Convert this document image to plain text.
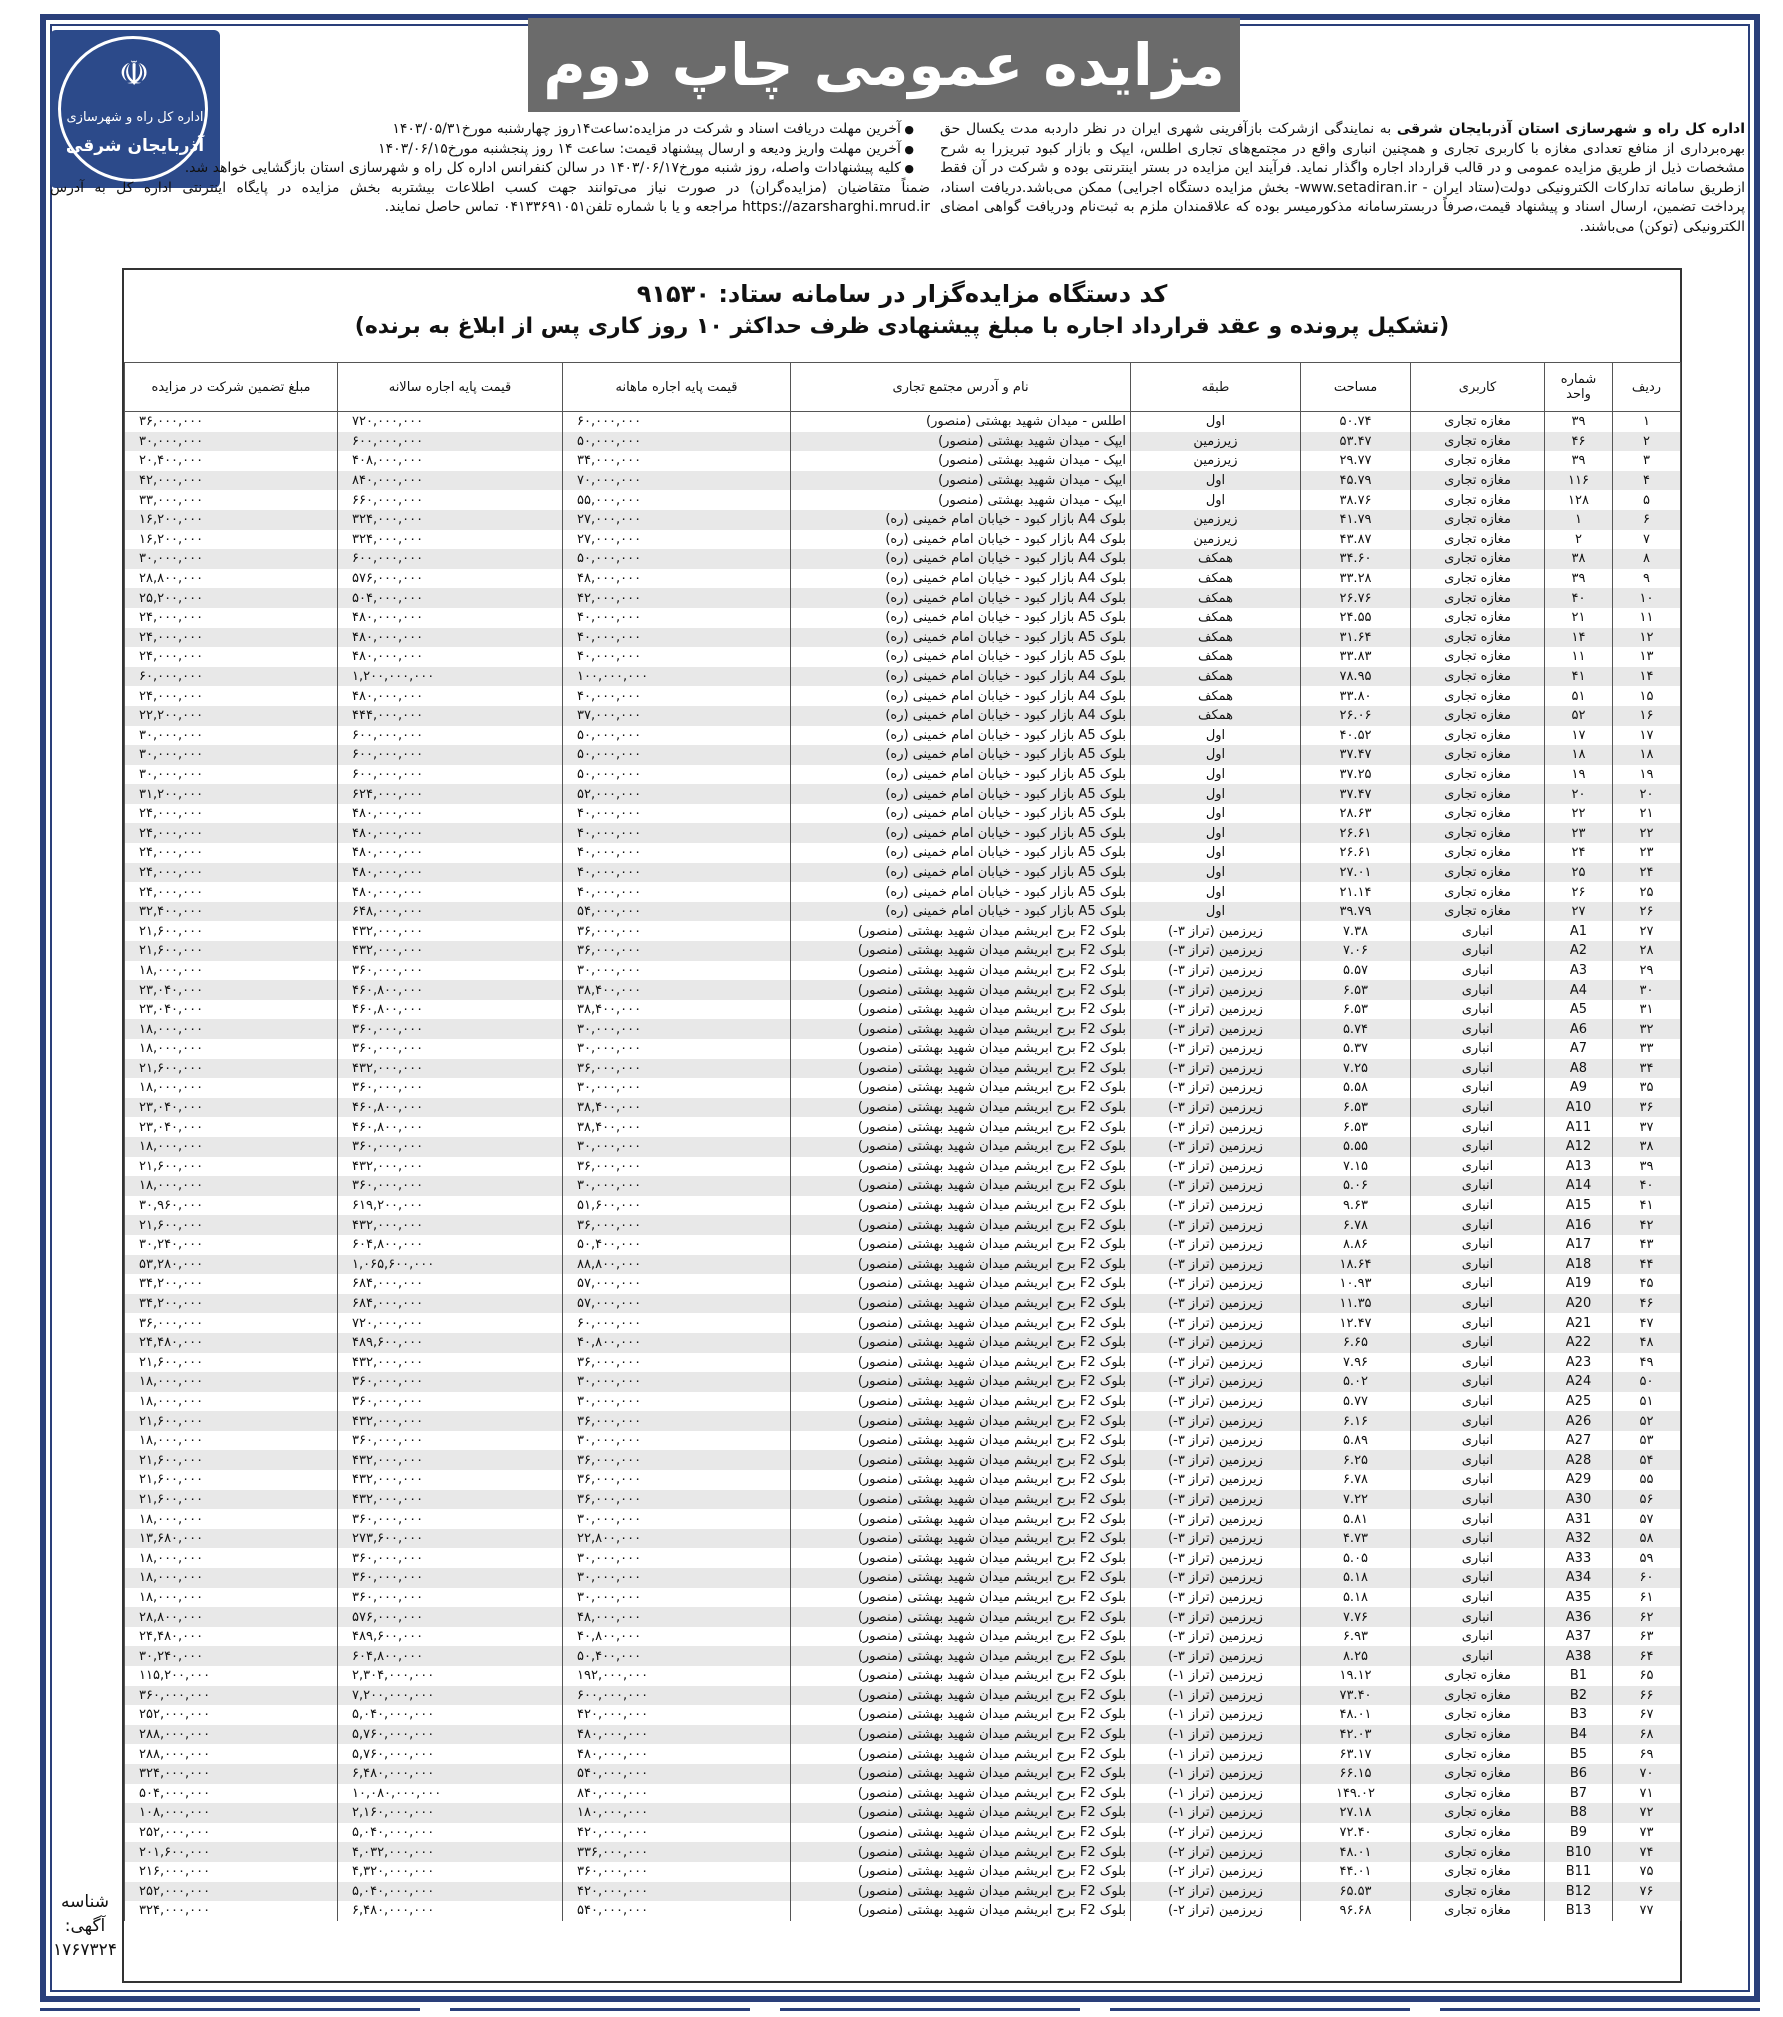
☫
اداره کل راه و شهرسازی
آذربایجان شرقی
مزایده عمومی چاپ دوم
اداره کل راه و شهرسازی استان آذربایجان شرقی به نمایندگی ازشرکت بازآفرینی شهری ایران در نظر داردبه مدت یکسال حق بهره‌برداری از منافع تعدادی مغازه با کاربری تجاری و همچنین انباری واقع در مجتمع‌های تجاری اطلس، ایپک و بازار کبود تبریز‌را به شرح مشخصات ذیل از طریق مزایده عمومی و در قالب قرارداد اجاره واگذار نماید. فرآیند این مزایده در بستر اینترنتی بوده و شرکت در آن فقط ازطریق سامانه تدارکات الکترونیکی دولت(ستاد ایران - www.setadiran.ir- بخش مزایده دستگاه اجرایی) ممکن می‌باشد.دریافت اسناد، پرداخت تضمین، ارسال اسناد و پیشنهاد قیمت،صرفاً دربسترسامانه مذکورمیسر بوده که علاقمندان ملزم به ثبت‌نام ودریافت گواهی امضای الکترونیکی (توکن) می‌باشند.
● آخرین مهلت دریافت اسناد و شرکت در مزایده:ساعت۱۴روز چهارشنبه مورخ۱۴۰۳/۰۵/۳۱
● آخرین مهلت واریز ودیعه و ارسال پیشنهاد قیمت: ساعت ۱۴ روز پنجشنبه مورخ۱۴۰۳/۰۶/۱۵
● کلیه پیشنهادات واصله، روز شنبه مورخ۱۴۰۳/۰۶/۱۷ در سالن کنفرانس اداره کل راه و شهرسازی استان بازگشایی خواهد شد.
ضمناً متقاضیان (مزایده‌گران) در صورت نیاز می‌توانند جهت کسب اطلاعات بیشتربه بخش مزایده در پایگاه اینترنتی اداره کل به آدرس https://azarsharghi.mrud.ir مراجعه و یا با شماره تلفن۰۴۱۳۳۶۹۱۰۵۱ تماس حاصل نمایند.
کد دستگاه مزایده‌گزار در سامانه ستاد: ۹۱۵۳۰
(تشکیل پرونده و عقد قرارداد اجاره با مبلغ پیشنهادی ظرف حداکثر ۱۰ روز کاری پس از ابلاغ به برنده)
ردیف	شماره واحد	کاربری	مساحت	طبقه	نام و آدرس مجتمع تجاری	قیمت پایه اجاره ماهانه	قیمت پایه اجاره سالانه	مبلغ تضمین شرکت در مزایده
۱	۳۹	مغازه تجاری	۵۰.۷۴	اول	اطلس - میدان شهید بهشتی (منصور)	۶۰,۰۰۰,۰۰۰	۷۲۰,۰۰۰,۰۰۰	۳۶,۰۰۰,۰۰۰
۲	۴۶	مغازه تجاری	۵۳.۴۷	زیرزمین	ایپک - میدان شهید بهشتی (منصور)	۵۰,۰۰۰,۰۰۰	۶۰۰,۰۰۰,۰۰۰	۳۰,۰۰۰,۰۰۰
۳	۳۹	مغازه تجاری	۲۹.۷۷	زیرزمین	ایپک - میدان شهید بهشتی (منصور)	۳۴,۰۰۰,۰۰۰	۴۰۸,۰۰۰,۰۰۰	۲۰,۴۰۰,۰۰۰
۴	۱۱۶	مغازه تجاری	۴۵.۷۹	اول	ایپک - میدان شهید بهشتی (منصور)	۷۰,۰۰۰,۰۰۰	۸۴۰,۰۰۰,۰۰۰	۴۲,۰۰۰,۰۰۰
۵	۱۲۸	مغازه تجاری	۳۸.۷۶	اول	ایپک - میدان شهید بهشتی (منصور)	۵۵,۰۰۰,۰۰۰	۶۶۰,۰۰۰,۰۰۰	۳۳,۰۰۰,۰۰۰
۶	۱	مغازه تجاری	۴۱.۷۹	زیرزمین	بلوک A4 بازار کبود - خیابان امام خمینی (ره)	۲۷,۰۰۰,۰۰۰	۳۲۴,۰۰۰,۰۰۰	۱۶,۲۰۰,۰۰۰
۷	۲	مغازه تجاری	۴۳.۸۷	زیرزمین	بلوک A4 بازار کبود - خیابان امام خمینی (ره)	۲۷,۰۰۰,۰۰۰	۳۲۴,۰۰۰,۰۰۰	۱۶,۲۰۰,۰۰۰
۸	۳۸	مغازه تجاری	۳۴.۶۰	همکف	بلوک A4 بازار کبود - خیابان امام خمینی (ره)	۵۰,۰۰۰,۰۰۰	۶۰۰,۰۰۰,۰۰۰	۳۰,۰۰۰,۰۰۰
۹	۳۹	مغازه تجاری	۳۳.۲۸	همکف	بلوک A4 بازار کبود - خیابان امام خمینی (ره)	۴۸,۰۰۰,۰۰۰	۵۷۶,۰۰۰,۰۰۰	۲۸,۸۰۰,۰۰۰
۱۰	۴۰	مغازه تجاری	۲۶.۷۶	همکف	بلوک A4 بازار کبود - خیابان امام خمینی (ره)	۴۲,۰۰۰,۰۰۰	۵۰۴,۰۰۰,۰۰۰	۲۵,۲۰۰,۰۰۰
۱۱	۲۱	مغازه تجاری	۲۴.۵۵	همکف	بلوک A5 بازار کبود - خیابان امام خمینی (ره)	۴۰,۰۰۰,۰۰۰	۴۸۰,۰۰۰,۰۰۰	۲۴,۰۰۰,۰۰۰
۱۲	۱۴	مغازه تجاری	۳۱.۶۴	همکف	بلوک A5 بازار کبود - خیابان امام خمینی (ره)	۴۰,۰۰۰,۰۰۰	۴۸۰,۰۰۰,۰۰۰	۲۴,۰۰۰,۰۰۰
۱۳	۱۱	مغازه تجاری	۳۳.۸۳	همکف	بلوک A5 بازار کبود - خیابان امام خمینی (ره)	۴۰,۰۰۰,۰۰۰	۴۸۰,۰۰۰,۰۰۰	۲۴,۰۰۰,۰۰۰
۱۴	۴۱	مغازه تجاری	۷۸.۹۵	همکف	بلوک A4 بازار کبود - خیابان امام خمینی (ره)	۱۰۰,۰۰۰,۰۰۰	۱,۲۰۰,۰۰۰,۰۰۰	۶۰,۰۰۰,۰۰۰
۱۵	۵۱	مغازه تجاری	۳۳.۸۰	همکف	بلوک A4 بازار کبود - خیابان امام خمینی (ره)	۴۰,۰۰۰,۰۰۰	۴۸۰,۰۰۰,۰۰۰	۲۴,۰۰۰,۰۰۰
۱۶	۵۲	مغازه تجاری	۲۶.۰۶	همکف	بلوک A4 بازار کبود - خیابان امام خمینی (ره)	۳۷,۰۰۰,۰۰۰	۴۴۴,۰۰۰,۰۰۰	۲۲,۲۰۰,۰۰۰
۱۷	۱۷	مغازه تجاری	۴۰.۵۲	اول	بلوک A5 بازار کبود - خیابان امام خمینی (ره)	۵۰,۰۰۰,۰۰۰	۶۰۰,۰۰۰,۰۰۰	۳۰,۰۰۰,۰۰۰
۱۸	۱۸	مغازه تجاری	۳۷.۴۷	اول	بلوک A5 بازار کبود - خیابان امام خمینی (ره)	۵۰,۰۰۰,۰۰۰	۶۰۰,۰۰۰,۰۰۰	۳۰,۰۰۰,۰۰۰
۱۹	۱۹	مغازه تجاری	۳۷.۲۵	اول	بلوک A5 بازار کبود - خیابان امام خمینی (ره)	۵۰,۰۰۰,۰۰۰	۶۰۰,۰۰۰,۰۰۰	۳۰,۰۰۰,۰۰۰
۲۰	۲۰	مغازه تجاری	۳۷.۴۷	اول	بلوک A5 بازار کبود - خیابان امام خمینی (ره)	۵۲,۰۰۰,۰۰۰	۶۲۴,۰۰۰,۰۰۰	۳۱,۲۰۰,۰۰۰
۲۱	۲۲	مغازه تجاری	۲۸.۶۳	اول	بلوک A5 بازار کبود - خیابان امام خمینی (ره)	۴۰,۰۰۰,۰۰۰	۴۸۰,۰۰۰,۰۰۰	۲۴,۰۰۰,۰۰۰
۲۲	۲۳	مغازه تجاری	۲۶.۶۱	اول	بلوک A5 بازار کبود - خیابان امام خمینی (ره)	۴۰,۰۰۰,۰۰۰	۴۸۰,۰۰۰,۰۰۰	۲۴,۰۰۰,۰۰۰
۲۳	۲۴	مغازه تجاری	۲۶.۶۱	اول	بلوک A5 بازار کبود - خیابان امام خمینی (ره)	۴۰,۰۰۰,۰۰۰	۴۸۰,۰۰۰,۰۰۰	۲۴,۰۰۰,۰۰۰
۲۴	۲۵	مغازه تجاری	۲۷.۰۱	اول	بلوک A5 بازار کبود - خیابان امام خمینی (ره)	۴۰,۰۰۰,۰۰۰	۴۸۰,۰۰۰,۰۰۰	۲۴,۰۰۰,۰۰۰
۲۵	۲۶	مغازه تجاری	۲۱.۱۴	اول	بلوک A5 بازار کبود - خیابان امام خمینی (ره)	۴۰,۰۰۰,۰۰۰	۴۸۰,۰۰۰,۰۰۰	۲۴,۰۰۰,۰۰۰
۲۶	۲۷	مغازه تجاری	۳۹.۷۹	اول	بلوک A5 بازار کبود - خیابان امام خمینی (ره)	۵۴,۰۰۰,۰۰۰	۶۴۸,۰۰۰,۰۰۰	۳۲,۴۰۰,۰۰۰
۲۷	A1	انباری	۷.۳۸	زیرزمین (تراز ۳-)	بلوک F2 برج ابریشم میدان شهید بهشتی (منصور)	۳۶,۰۰۰,۰۰۰	۴۳۲,۰۰۰,۰۰۰	۲۱,۶۰۰,۰۰۰
۲۸	A2	انباری	۷.۰۶	زیرزمین (تراز ۳-)	بلوک F2 برج ابریشم میدان شهید بهشتی (منصور)	۳۶,۰۰۰,۰۰۰	۴۳۲,۰۰۰,۰۰۰	۲۱,۶۰۰,۰۰۰
۲۹	A3	انباری	۵.۵۷	زیرزمین (تراز ۳-)	بلوک F2 برج ابریشم میدان شهید بهشتی (منصور)	۳۰,۰۰۰,۰۰۰	۳۶۰,۰۰۰,۰۰۰	۱۸,۰۰۰,۰۰۰
۳۰	A4	انباری	۶.۵۳	زیرزمین (تراز ۳-)	بلوک F2 برج ابریشم میدان شهید بهشتی (منصور)	۳۸,۴۰۰,۰۰۰	۴۶۰,۸۰۰,۰۰۰	۲۳,۰۴۰,۰۰۰
۳۱	A5	انباری	۶.۵۳	زیرزمین (تراز ۳-)	بلوک F2 برج ابریشم میدان شهید بهشتی (منصور)	۳۸,۴۰۰,۰۰۰	۴۶۰,۸۰۰,۰۰۰	۲۳,۰۴۰,۰۰۰
۳۲	A6	انباری	۵.۷۴	زیرزمین (تراز ۳-)	بلوک F2 برج ابریشم میدان شهید بهشتی (منصور)	۳۰,۰۰۰,۰۰۰	۳۶۰,۰۰۰,۰۰۰	۱۸,۰۰۰,۰۰۰
۳۳	A7	انباری	۵.۳۷	زیرزمین (تراز ۳-)	بلوک F2 برج ابریشم میدان شهید بهشتی (منصور)	۳۰,۰۰۰,۰۰۰	۳۶۰,۰۰۰,۰۰۰	۱۸,۰۰۰,۰۰۰
۳۴	A8	انباری	۷.۲۵	زیرزمین (تراز ۳-)	بلوک F2 برج ابریشم میدان شهید بهشتی (منصور)	۳۶,۰۰۰,۰۰۰	۴۳۲,۰۰۰,۰۰۰	۲۱,۶۰۰,۰۰۰
۳۵	A9	انباری	۵.۵۸	زیرزمین (تراز ۳-)	بلوک F2 برج ابریشم میدان شهید بهشتی (منصور)	۳۰,۰۰۰,۰۰۰	۳۶۰,۰۰۰,۰۰۰	۱۸,۰۰۰,۰۰۰
۳۶	A10	انباری	۶.۵۳	زیرزمین (تراز ۳-)	بلوک F2 برج ابریشم میدان شهید بهشتی (منصور)	۳۸,۴۰۰,۰۰۰	۴۶۰,۸۰۰,۰۰۰	۲۳,۰۴۰,۰۰۰
۳۷	A11	انباری	۶.۵۳	زیرزمین (تراز ۳-)	بلوک F2 برج ابریشم میدان شهید بهشتی (منصور)	۳۸,۴۰۰,۰۰۰	۴۶۰,۸۰۰,۰۰۰	۲۳,۰۴۰,۰۰۰
۳۸	A12	انباری	۵.۵۵	زیرزمین (تراز ۳-)	بلوک F2 برج ابریشم میدان شهید بهشتی (منصور)	۳۰,۰۰۰,۰۰۰	۳۶۰,۰۰۰,۰۰۰	۱۸,۰۰۰,۰۰۰
۳۹	A13	انباری	۷.۱۵	زیرزمین (تراز ۳-)	بلوک F2 برج ابریشم میدان شهید بهشتی (منصور)	۳۶,۰۰۰,۰۰۰	۴۳۲,۰۰۰,۰۰۰	۲۱,۶۰۰,۰۰۰
۴۰	A14	انباری	۵.۰۶	زیرزمین (تراز ۳-)	بلوک F2 برج ابریشم میدان شهید بهشتی (منصور)	۳۰,۰۰۰,۰۰۰	۳۶۰,۰۰۰,۰۰۰	۱۸,۰۰۰,۰۰۰
۴۱	A15	انباری	۹.۶۳	زیرزمین (تراز ۳-)	بلوک F2 برج ابریشم میدان شهید بهشتی (منصور)	۵۱,۶۰۰,۰۰۰	۶۱۹,۲۰۰,۰۰۰	۳۰,۹۶۰,۰۰۰
۴۲	A16	انباری	۶.۷۸	زیرزمین (تراز ۳-)	بلوک F2 برج ابریشم میدان شهید بهشتی (منصور)	۳۶,۰۰۰,۰۰۰	۴۳۲,۰۰۰,۰۰۰	۲۱,۶۰۰,۰۰۰
۴۳	A17	انباری	۸.۸۶	زیرزمین (تراز ۳-)	بلوک F2 برج ابریشم میدان شهید بهشتی (منصور)	۵۰,۴۰۰,۰۰۰	۶۰۴,۸۰۰,۰۰۰	۳۰,۲۴۰,۰۰۰
۴۴	A18	انباری	۱۸.۶۴	زیرزمین (تراز ۳-)	بلوک F2 برج ابریشم میدان شهید بهشتی (منصور)	۸۸,۸۰۰,۰۰۰	۱,۰۶۵,۶۰۰,۰۰۰	۵۳,۲۸۰,۰۰۰
۴۵	A19	انباری	۱۰.۹۳	زیرزمین (تراز ۳-)	بلوک F2 برج ابریشم میدان شهید بهشتی (منصور)	۵۷,۰۰۰,۰۰۰	۶۸۴,۰۰۰,۰۰۰	۳۴,۲۰۰,۰۰۰
۴۶	A20	انباری	۱۱.۳۵	زیرزمین (تراز ۳-)	بلوک F2 برج ابریشم میدان شهید بهشتی (منصور)	۵۷,۰۰۰,۰۰۰	۶۸۴,۰۰۰,۰۰۰	۳۴,۲۰۰,۰۰۰
۴۷	A21	انباری	۱۲.۴۷	زیرزمین (تراز ۳-)	بلوک F2 برج ابریشم میدان شهید بهشتی (منصور)	۶۰,۰۰۰,۰۰۰	۷۲۰,۰۰۰,۰۰۰	۳۶,۰۰۰,۰۰۰
۴۸	A22	انباری	۶.۶۵	زیرزمین (تراز ۳-)	بلوک F2 برج ابریشم میدان شهید بهشتی (منصور)	۴۰,۸۰۰,۰۰۰	۴۸۹,۶۰۰,۰۰۰	۲۴,۴۸۰,۰۰۰
۴۹	A23	انباری	۷.۹۶	زیرزمین (تراز ۳-)	بلوک F2 برج ابریشم میدان شهید بهشتی (منصور)	۳۶,۰۰۰,۰۰۰	۴۳۲,۰۰۰,۰۰۰	۲۱,۶۰۰,۰۰۰
۵۰	A24	انباری	۵.۰۲	زیرزمین (تراز ۳-)	بلوک F2 برج ابریشم میدان شهید بهشتی (منصور)	۳۰,۰۰۰,۰۰۰	۳۶۰,۰۰۰,۰۰۰	۱۸,۰۰۰,۰۰۰
۵۱	A25	انباری	۵.۷۷	زیرزمین (تراز ۳-)	بلوک F2 برج ابریشم میدان شهید بهشتی (منصور)	۳۰,۰۰۰,۰۰۰	۳۶۰,۰۰۰,۰۰۰	۱۸,۰۰۰,۰۰۰
۵۲	A26	انباری	۶.۱۶	زیرزمین (تراز ۳-)	بلوک F2 برج ابریشم میدان شهید بهشتی (منصور)	۳۶,۰۰۰,۰۰۰	۴۳۲,۰۰۰,۰۰۰	۲۱,۶۰۰,۰۰۰
۵۳	A27	انباری	۵.۸۹	زیرزمین (تراز ۳-)	بلوک F2 برج ابریشم میدان شهید بهشتی (منصور)	۳۰,۰۰۰,۰۰۰	۳۶۰,۰۰۰,۰۰۰	۱۸,۰۰۰,۰۰۰
۵۴	A28	انباری	۶.۲۵	زیرزمین (تراز ۳-)	بلوک F2 برج ابریشم میدان شهید بهشتی (منصور)	۳۶,۰۰۰,۰۰۰	۴۳۲,۰۰۰,۰۰۰	۲۱,۶۰۰,۰۰۰
۵۵	A29	انباری	۶.۷۸	زیرزمین (تراز ۳-)	بلوک F2 برج ابریشم میدان شهید بهشتی (منصور)	۳۶,۰۰۰,۰۰۰	۴۳۲,۰۰۰,۰۰۰	۲۱,۶۰۰,۰۰۰
۵۶	A30	انباری	۷.۲۲	زیرزمین (تراز ۳-)	بلوک F2 برج ابریشم میدان شهید بهشتی (منصور)	۳۶,۰۰۰,۰۰۰	۴۳۲,۰۰۰,۰۰۰	۲۱,۶۰۰,۰۰۰
۵۷	A31	انباری	۵.۸۱	زیرزمین (تراز ۳-)	بلوک F2 برج ابریشم میدان شهید بهشتی (منصور)	۳۰,۰۰۰,۰۰۰	۳۶۰,۰۰۰,۰۰۰	۱۸,۰۰۰,۰۰۰
۵۸	A32	انباری	۴.۷۳	زیرزمین (تراز ۳-)	بلوک F2 برج ابریشم میدان شهید بهشتی (منصور)	۲۲,۸۰۰,۰۰۰	۲۷۳,۶۰۰,۰۰۰	۱۳,۶۸۰,۰۰۰
۵۹	A33	انباری	۵.۰۵	زیرزمین (تراز ۳-)	بلوک F2 برج ابریشم میدان شهید بهشتی (منصور)	۳۰,۰۰۰,۰۰۰	۳۶۰,۰۰۰,۰۰۰	۱۸,۰۰۰,۰۰۰
۶۰	A34	انباری	۵.۱۸	زیرزمین (تراز ۳-)	بلوک F2 برج ابریشم میدان شهید بهشتی (منصور)	۳۰,۰۰۰,۰۰۰	۳۶۰,۰۰۰,۰۰۰	۱۸,۰۰۰,۰۰۰
۶۱	A35	انباری	۵.۱۸	زیرزمین (تراز ۳-)	بلوک F2 برج ابریشم میدان شهید بهشتی (منصور)	۳۰,۰۰۰,۰۰۰	۳۶۰,۰۰۰,۰۰۰	۱۸,۰۰۰,۰۰۰
۶۲	A36	انباری	۷.۷۶	زیرزمین (تراز ۳-)	بلوک F2 برج ابریشم میدان شهید بهشتی (منصور)	۴۸,۰۰۰,۰۰۰	۵۷۶,۰۰۰,۰۰۰	۲۸,۸۰۰,۰۰۰
۶۳	A37	انباری	۶.۹۳	زیرزمین (تراز ۳-)	بلوک F2 برج ابریشم میدان شهید بهشتی (منصور)	۴۰,۸۰۰,۰۰۰	۴۸۹,۶۰۰,۰۰۰	۲۴,۴۸۰,۰۰۰
۶۴	A38	انباری	۸.۲۵	زیرزمین (تراز ۳-)	بلوک F2 برج ابریشم میدان شهید بهشتی (منصور)	۵۰,۴۰۰,۰۰۰	۶۰۴,۸۰۰,۰۰۰	۳۰,۲۴۰,۰۰۰
۶۵	B1	مغازه تجاری	۱۹.۱۲	زیرزمین (تراز ۱-)	بلوک F2 برج ابریشم میدان شهید بهشتی (منصور)	۱۹۲,۰۰۰,۰۰۰	۲,۳۰۴,۰۰۰,۰۰۰	۱۱۵,۲۰۰,۰۰۰
۶۶	B2	مغازه تجاری	۷۳.۴۰	زیرزمین (تراز ۱-)	بلوک F2 برج ابریشم میدان شهید بهشتی (منصور)	۶۰۰,۰۰۰,۰۰۰	۷,۲۰۰,۰۰۰,۰۰۰	۳۶۰,۰۰۰,۰۰۰
۶۷	B3	مغازه تجاری	۴۸.۰۱	زیرزمین (تراز ۱-)	بلوک F2 برج ابریشم میدان شهید بهشتی (منصور)	۴۲۰,۰۰۰,۰۰۰	۵,۰۴۰,۰۰۰,۰۰۰	۲۵۲,۰۰۰,۰۰۰
۶۸	B4	مغازه تجاری	۴۲.۰۳	زیرزمین (تراز ۱-)	بلوک F2 برج ابریشم میدان شهید بهشتی (منصور)	۴۸۰,۰۰۰,۰۰۰	۵,۷۶۰,۰۰۰,۰۰۰	۲۸۸,۰۰۰,۰۰۰
۶۹	B5	مغازه تجاری	۶۳.۱۷	زیرزمین (تراز ۱-)	بلوک F2 برج ابریشم میدان شهید بهشتی (منصور)	۴۸۰,۰۰۰,۰۰۰	۵,۷۶۰,۰۰۰,۰۰۰	۲۸۸,۰۰۰,۰۰۰
۷۰	B6	مغازه تجاری	۶۶.۱۵	زیرزمین (تراز ۱-)	بلوک F2 برج ابریشم میدان شهید بهشتی (منصور)	۵۴۰,۰۰۰,۰۰۰	۶,۴۸۰,۰۰۰,۰۰۰	۳۲۴,۰۰۰,۰۰۰
۷۱	B7	مغازه تجاری	۱۴۹.۰۲	زیرزمین (تراز ۱-)	بلوک F2 برج ابریشم میدان شهید بهشتی (منصور)	۸۴۰,۰۰۰,۰۰۰	۱۰,۰۸۰,۰۰۰,۰۰۰	۵۰۴,۰۰۰,۰۰۰
۷۲	B8	مغازه تجاری	۲۷.۱۸	زیرزمین (تراز ۱-)	بلوک F2 برج ابریشم میدان شهید بهشتی (منصور)	۱۸۰,۰۰۰,۰۰۰	۲,۱۶۰,۰۰۰,۰۰۰	۱۰۸,۰۰۰,۰۰۰
۷۳	B9	مغازه تجاری	۷۲.۴۰	زیرزمین (تراز ۲-)	بلوک F2 برج ابریشم میدان شهید بهشتی (منصور)	۴۲۰,۰۰۰,۰۰۰	۵,۰۴۰,۰۰۰,۰۰۰	۲۵۲,۰۰۰,۰۰۰
۷۴	B10	مغازه تجاری	۴۸.۰۱	زیرزمین (تراز ۲-)	بلوک F2 برج ابریشم میدان شهید بهشتی (منصور)	۳۳۶,۰۰۰,۰۰۰	۴,۰۳۲,۰۰۰,۰۰۰	۲۰۱,۶۰۰,۰۰۰
۷۵	B11	مغازه تجاری	۴۴.۰۱	زیرزمین (تراز ۲-)	بلوک F2 برج ابریشم میدان شهید بهشتی (منصور)	۳۶۰,۰۰۰,۰۰۰	۴,۳۲۰,۰۰۰,۰۰۰	۲۱۶,۰۰۰,۰۰۰
۷۶	B12	مغازه تجاری	۶۵.۵۳	زیرزمین (تراز ۲-)	بلوک F2 برج ابریشم میدان شهید بهشتی (منصور)	۴۲۰,۰۰۰,۰۰۰	۵,۰۴۰,۰۰۰,۰۰۰	۲۵۲,۰۰۰,۰۰۰
۷۷	B13	مغازه تجاری	۹۶.۶۸	زیرزمین (تراز ۲-)	بلوک F2 برج ابریشم میدان شهید بهشتی (منصور)	۵۴۰,۰۰۰,۰۰۰	۶,۴۸۰,۰۰۰,۰۰۰	۳۲۴,۰۰۰,۰۰۰
شناسه آگهی:
۱۷۶۷۳۲۴
